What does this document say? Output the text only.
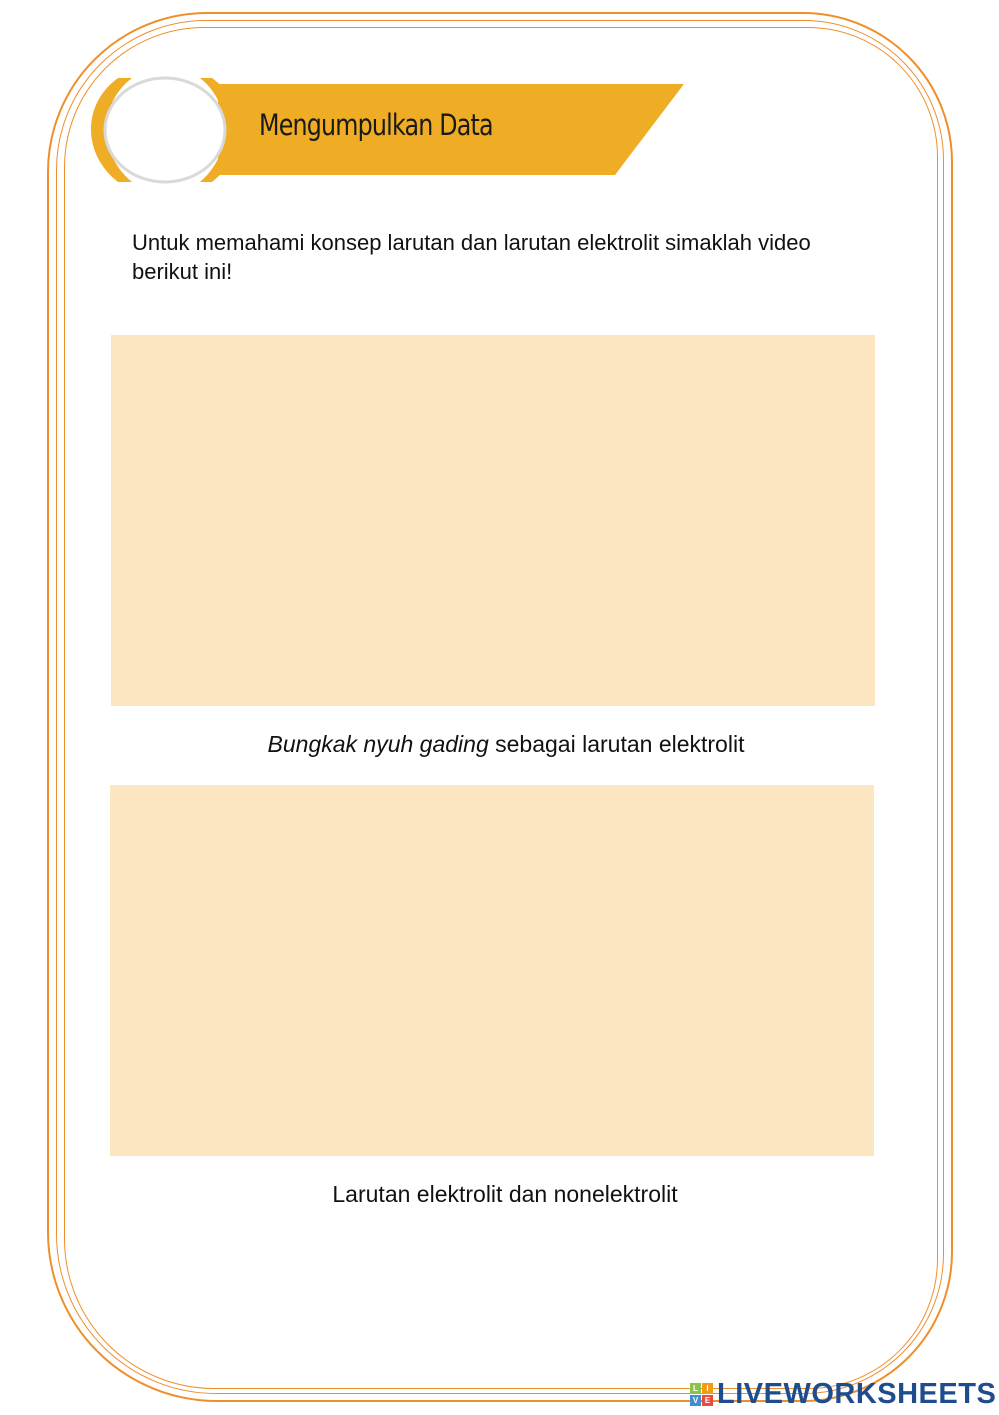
Mengumpulkan Data
Untuk memahami konsep larutan dan larutan elektrolit simaklah video berikut ini!
Bungkak nyuh gading sebagai larutan elektrolit
Larutan elektrolit dan nonelektrolit
L	I
V E LIVEWORKSHEETS
